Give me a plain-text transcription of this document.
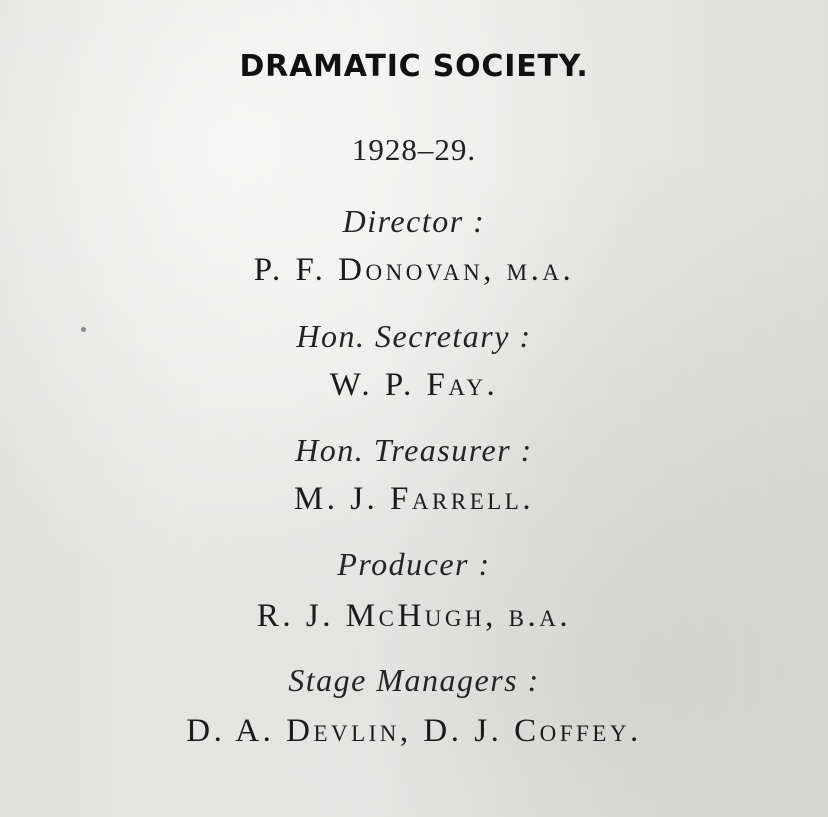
DRAMATIC SOCIETY.
1928–29.
Director :
P. F. Donovan, m.a.
Hon. Secretary :
W. P. Fay.
Hon. Treasurer :
M. J. Farrell.
Producer :
R. J. McHugh, b.a.
Stage Managers :
D. A. Devlin, D. J. Coffey.
